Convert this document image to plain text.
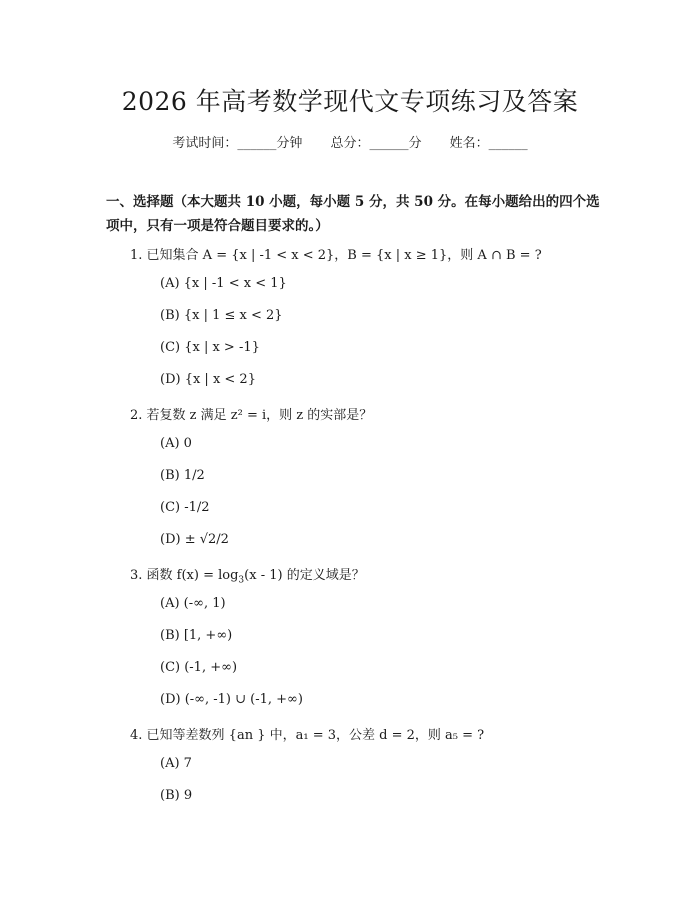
2026 年高考数学现代文专项练习及答案
考试时间：______分钟 总分：______分 姓名：______
一、选择题（本大题共 10 小题，每小题 5 分，共 50 分。在每小题给出的四个选项中，只有一项是符合题目要求的。）
1. 已知集合 A = {x | -1 < x < 2}，B = {x | x ≥ 1}，则 A ∩ B = ?
(A) {x | -1 < x < 1}
(B) {x | 1 ≤ x < 2}
(C) {x | x > -1}
(D) {x | x < 2}
2. 若复数 z 满足 z² = i，则 z 的实部是？
(A) 0
(B) 1/2
(C) -1/2
(D) ± √2/2
3. 函数 $f(x) = \log_3(x - 1)$ 的定义域是？
(A) (-∞, 1)
(B) [1, +∞)
(C) (-1, +∞)
(D) (-∞, -1) ∪ (-1, +∞)
4. 已知等差数列 {an } 中，a₁ = 3，公差 d = 2，则 a₅ = ?
(A) 7
(B) 9
